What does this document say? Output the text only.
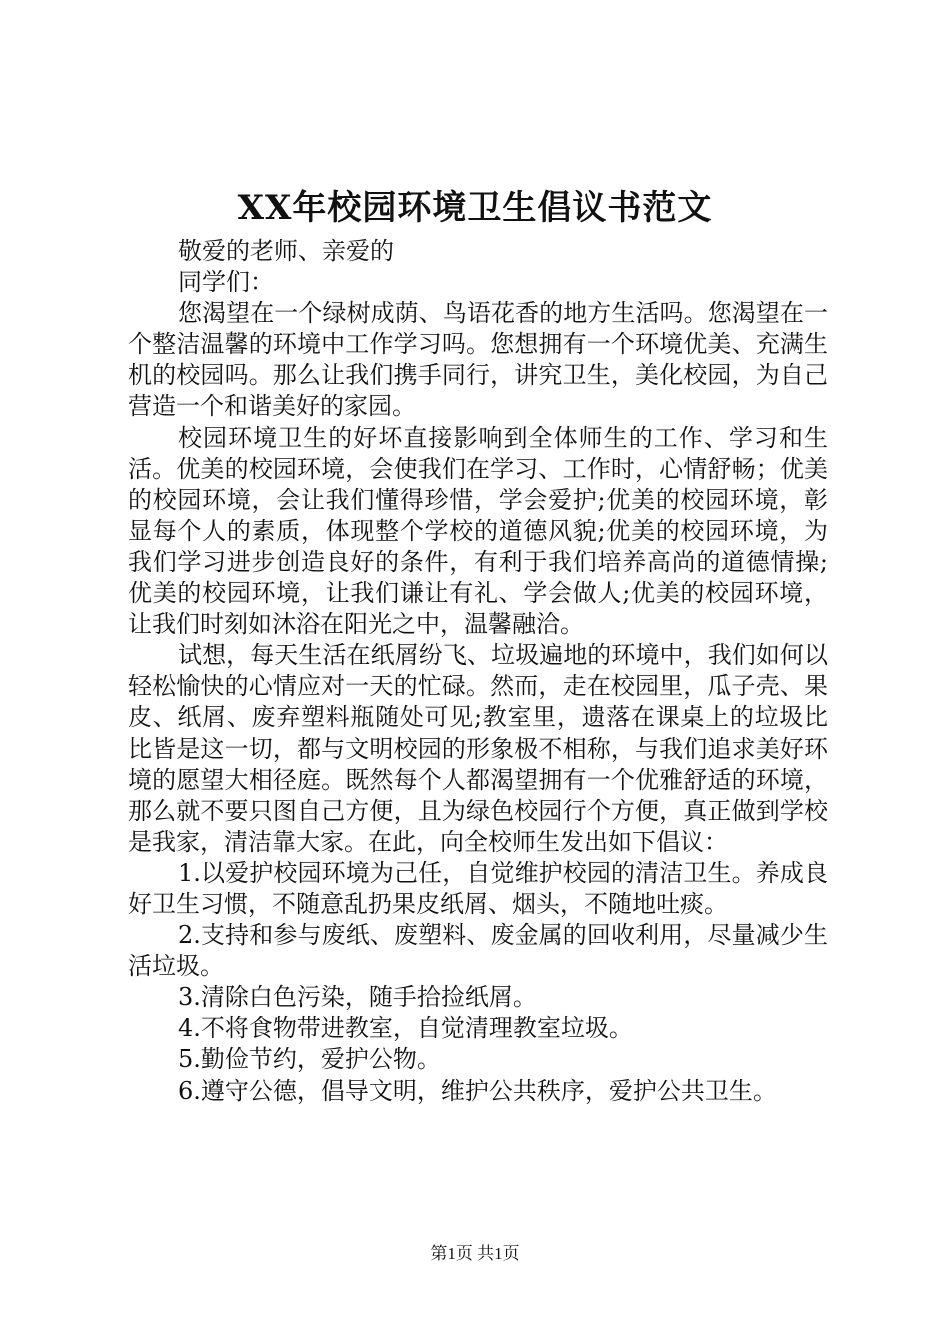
XX年校园环境卫生倡议书范文

敬爱的老师、亲爱的

同学们：

您渴望在一个绿树成荫、鸟语花香的地方生活吗。您渴望在一个整洁温馨的环境中工作学习吗。您想拥有一个环境优美、充满生机的校园吗。那么让我们携手同行，讲究卫生，美化校园，为自己营造一个和谐美好的家园。

校园环境卫生的好坏直接影响到全体师生的工作、学习和生活。优美的校园环境，会使我们在学习、工作时，心情舒畅；优美的校园环境，会让我们懂得珍惜，学会爱护;优美的校园环境，彰显每个人的素质，体现整个学校的道德风貌;优美的校园环境，为我们学习进步创造良好的条件，有利于我们培养高尚的道德情操;优美的校园环境，让我们谦让有礼、学会做人;优美的校园环境，让我们时刻如沐浴在阳光之中，温馨融洽。

试想，每天生活在纸屑纷飞、垃圾遍地的环境中，我们如何以轻松愉快的心情应对一天的忙碌。然而，走在校园里，瓜子壳、果皮、纸屑、废弃塑料瓶随处可见;教室里，遗落在课桌上的垃圾比比皆是这一切，都与文明校园的形象极不相称，与我们追求美好环境的愿望大相径庭。既然每个人都渴望拥有一个优雅舒适的环境，那么就不要只图自己方便，且为绿色校园行个方便，真正做到学校是我家，清洁靠大家。在此，向全校师生发出如下倡议：

1.以爱护校园环境为己任，自觉维护校园的清洁卫生。养成良好卫生习惯，不随意乱扔果皮纸屑、烟头，不随地吐痰。

2.支持和参与废纸、废塑料、废金属的回收利用，尽量减少生活垃圾。

3.清除白色污染，随手拾捡纸屑。

4.不将食物带进教室，自觉清理教室垃圾。

5.勤俭节约，爱护公物。

6.遵守公德，倡导文明，维护公共秩序，爱护公共卫生。

第1页 共1页
